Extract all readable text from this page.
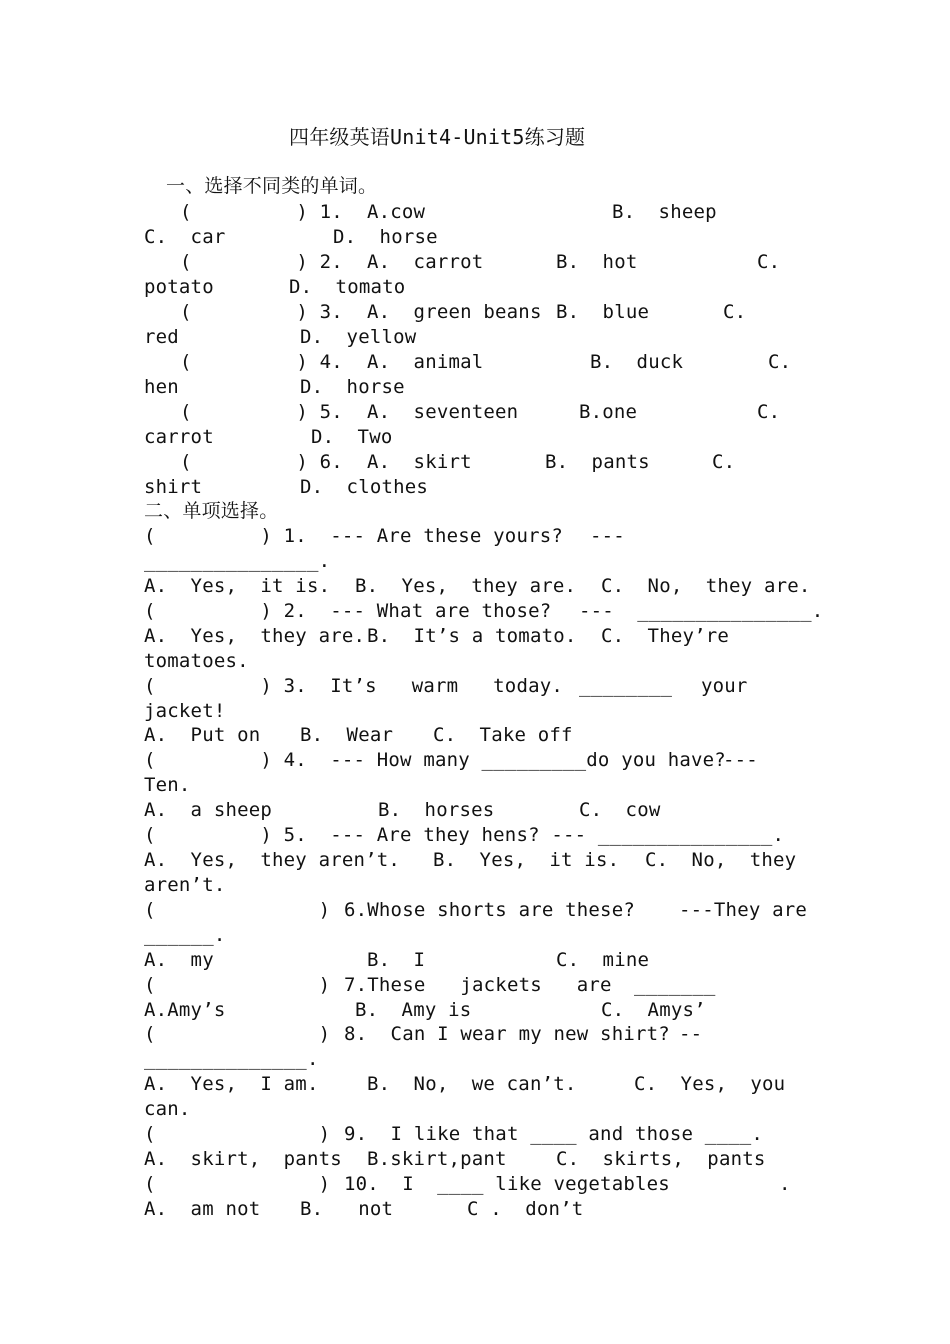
四年级英语Unit4-Unit5练习题
一、选择不同类的单词。
(         ) 1. A.cow	B.  sheep
C.  car	D.  horse
(         ) 2. A.  carrot	B.  hot	C.
potato	D.  tomato
(         ) 3. A.  green beans B.  blue	C.
red	D.  yellow
(         ) 4. A.  animal	B.  duck	C.
hen	D.  horse
(         ) 5. A.  seventeen	B.one	C.
carrot	D.  Two
(         ) 6. A.  skirt	B.  pants	C.
shirt	D.  clothes
二、单项选择。
(         ) 1.  --- Are these yours? ---
_______________.
A.  Yes,  it is. B.  Yes,  they are. C.  No,  they are.
(         ) 2.  --- What are those? ---  _______________.
A.  Yes,  they are. B.  It’s a tomato. C.  They’re
tomatoes.
(         ) 3.  It’s   warm   today. ________ your
jacket!
A.  Put on B.  Wear C.  Take off
(         ) 4.  --- How many _________do you have?
---
Ten.
A.  a sheep	B.  horses	C.  cow
(         ) 5.  --- Are they hens? --- _______________.
A.  Yes,  they aren’t. B.  Yes,  it is. C.  No,  they
aren’t.
(              ) 6.Whose shorts are these? ---They are
______.
A.  my	B.  I	C.  mine
(              ) 7.These   jackets   are _______
A.Amy’s	B.  Amy is	C.  Amys’
(              ) 8.  Can I wear my new shirt? --
______________.
A.  Yes,  I am.	B.  No,  we can’t.	C.  Yes,  you
can.
(              ) 9.  I like that ____ and those ____.
A.  skirt,  pants B.skirt,pant	C.  skirts,  pants
(              ) 10.  I  ____ like vegetables	.
A.  am not B.   not	C .  don’t
